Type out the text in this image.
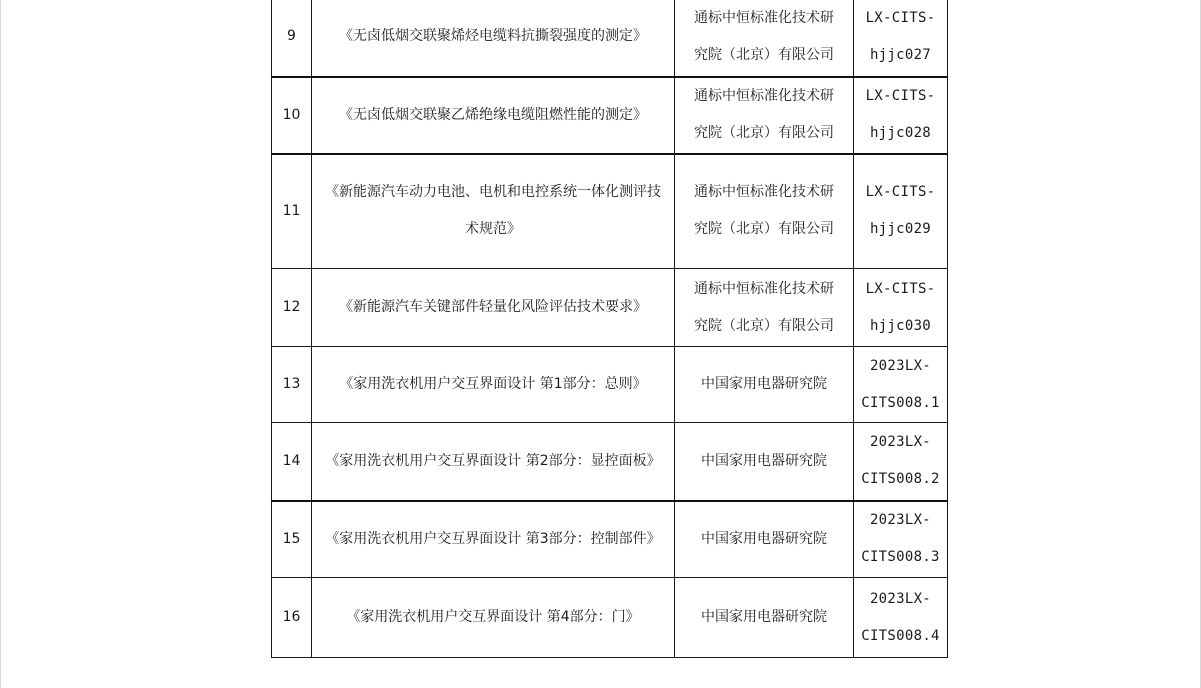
9	《无卤低烟交联聚烯烃电缆料抗撕裂强度的测定》	通标中恒标准化技术研
究院（北京）有限公司	LX-CITS-
hjjc027

10	《无卤低烟交联聚乙烯绝缘电缆阻燃性能的测定》	通标中恒标准化技术研
究院（北京）有限公司	LX-CITS-
hjjc028

11	《新能源汽车动力电池、电机和电控系统一体化测评技
术规范》	通标中恒标准化技术研
究院（北京）有限公司	LX-CITS-
hjjc029

12	《新能源汽车关键部件轻量化风险评估技术要求》	通标中恒标准化技术研
究院（北京）有限公司	LX-CITS-
hjjc030

13	《家用洗衣机用户交互界面设计 第1部分：总则》	中国家用电器研究院	2023LX-
CITS008.1

14	《家用洗衣机用户交互界面设计 第2部分：显控面板》	中国家用电器研究院	2023LX-
CITS008.2

15	《家用洗衣机用户交互界面设计 第3部分：控制部件》	中国家用电器研究院	2023LX-
CITS008.3

16	《家用洗衣机用户交互界面设计 第4部分：门》	中国家用电器研究院	2023LX-
CITS008.4
